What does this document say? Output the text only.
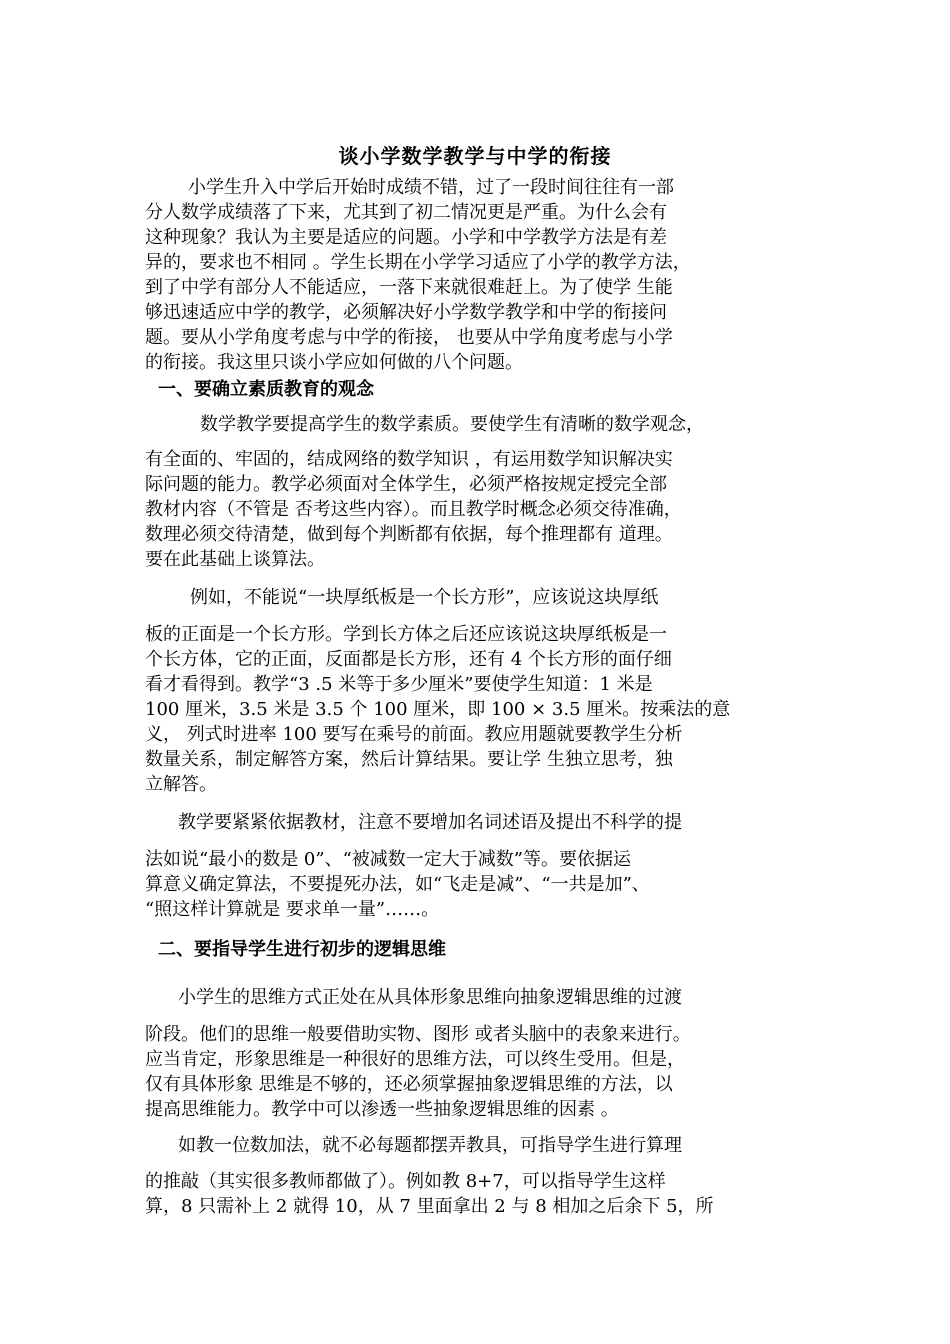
谈小学数学教学与中学的衔接
小学生升入中学后开始时成绩不错，过了一段时间往往有一部
分人数学成绩落了下来，尤其到了初二情况更是严重。为什么会有
这种现象？我认为主要是适应的问题。小学和中学教学方法是有差
异的，要求也不相同 。学生长期在小学学习适应了小学的教学方法，
到了中学有部分人不能适应，一落下来就很难赶上。为了使学 生能
够迅速适应中学的教学，必须解决好小学数学教学和中学的衔接问
题。要从小学角度考虑与中学的衔接， 也要从中学角度考虑与小学
的衔接。我这里只谈小学应如何做的八个问题。
一、要确立素质教育的观念
数学教学要提高学生的数学素质。要使学生有清晰的数学观念，
有全面的、牢固的，结成网络的数学知识 ，有运用数学知识解决实
际问题的能力。教学必须面对全体学生，必须严格按规定授完全部
教材内容（不管是 否考这些内容）。而且教学时概念必须交待准确，
数理必须交待清楚，做到每个判断都有依据，每个推理都有 道理。
要在此基础上谈算法。
例如，不能说“一块厚纸板是一个长方形”，应该说这块厚纸
板的正面是一个长方形。学到长方体之后还应该说这块厚纸板是一
个长方体，它的正面，反面都是长方形，还有 4 个长方形的面仔细
看才看得到。教学“3 .5 米等于多少厘米”要使学生知道：1 米是
100 厘米，3.5 米是 3.5 个 100 厘米，即 100 × 3.5 厘米。按乘法的意
义， 列式时进率 100 要写在乘号的前面。教应用题就要教学生分析
数量关系，制定解答方案，然后计算结果。要让学 生独立思考，独
立解答。
教学要紧紧依据教材，注意不要增加名词述语及提出不科学的提
法如说“最小的数是 0”、“被减数一定大于减数”等。要依据运
算意义确定算法，不要提死办法，如“飞走是减”、“一共是加”、
“照这样计算就是 要求单一量”……。
二、要指导学生进行初步的逻辑思维
小学生的思维方式正处在从具体形象思维向抽象逻辑思维的过渡
阶段。他们的思维一般要借助实物、图形 或者头脑中的表象来进行。
应当肯定，形象思维是一种很好的思维方法，可以终生受用。但是，
仅有具体形象 思维是不够的，还必须掌握抽象逻辑思维的方法，以
提高思维能力。教学中可以渗透一些抽象逻辑思维的因素 。
如教一位数加法，就不必每题都摆弄教具，可指导学生进行算理
的推敲（其实很多教师都做了）。例如教 8+7，可以指导学生这样
算，8 只需补上 2 就得 10，从 7 里面拿出 2 与 8 相加之后余下 5，所
